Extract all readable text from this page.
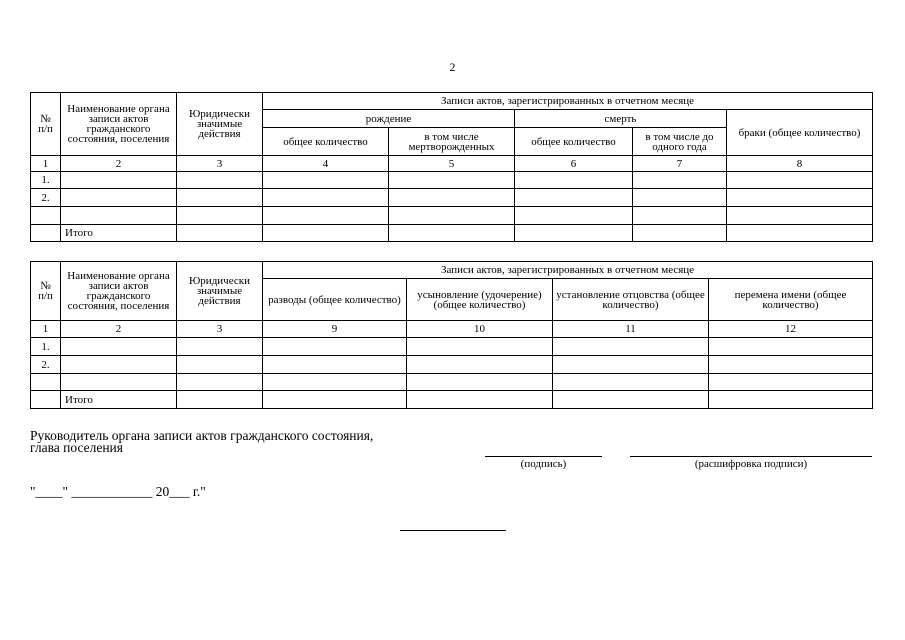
2
№
п/п	Наименование органа записи актов гражданского состояния, поселения	Юридически значимые действия	Записи актов, зарегистрированных в отчетном месяце				
			рождение		смерть		браки (общее количество)
			общее количество	в том числе мертворожденных	общее количество	в том числе до одного года	
1	2	3	4	5	6	7	8
1.							
2.							

	Итого						
№
п/п	Наименование органа записи актов гражданского состояния, поселения	Юридически значимые действия	Записи актов, зарегистрированных в отчетном месяце			
			разводы (общее количество)	усыновление (удочерение) (общее количество)	установление отцовства (общее количество)	перемена имени (общее количество)
1	2	3	9	10	11	12
1.						
2.						

	Итого					
Руководитель органа записи актов гражданского состояния,
глава поселения
(подпись)	(расшифровка подписи)
"____" ____________ 20___ г."
